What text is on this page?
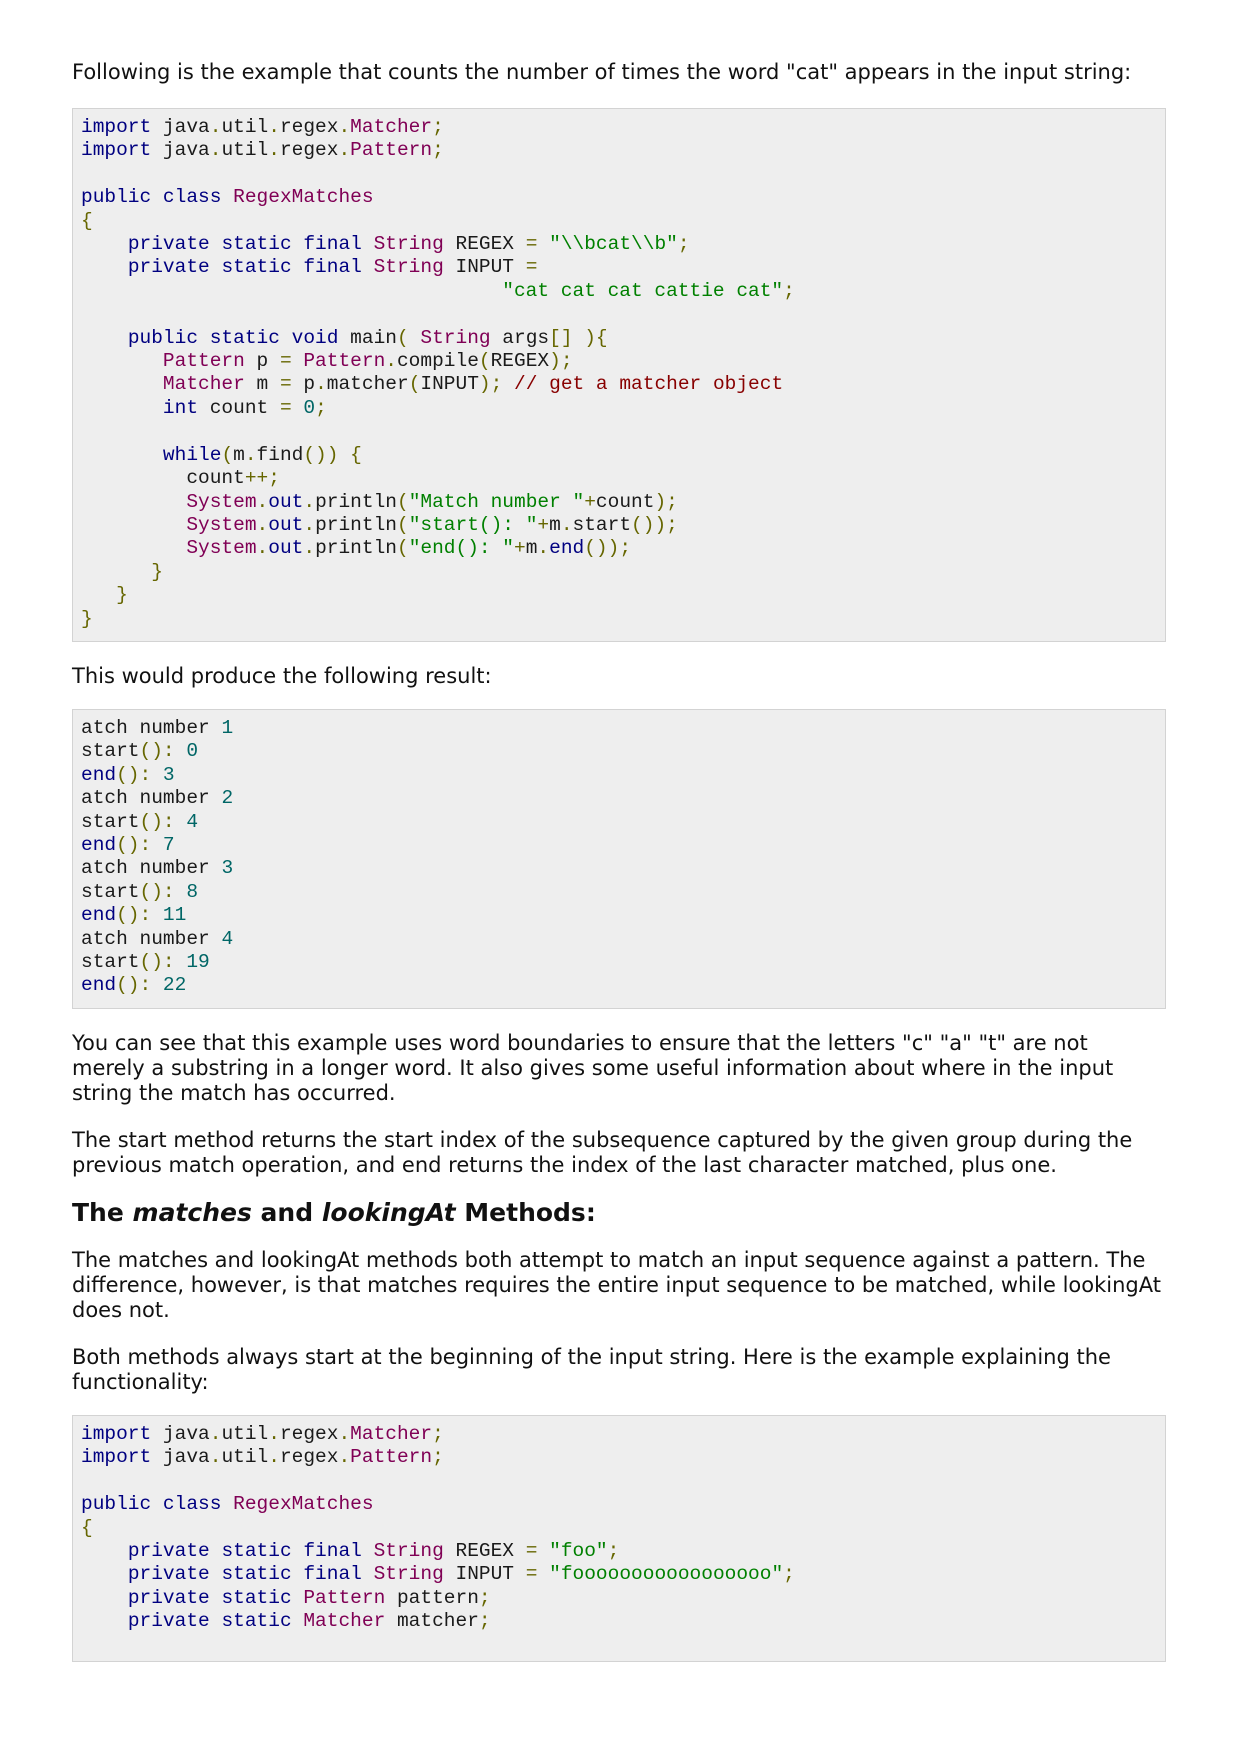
Following is the example that counts the number of times the word "cat" appears in the input string:

import java.util.regex.Matcher;
import java.util.regex.Pattern;

public class RegexMatches
{
private static final String REGEX = "\\bcat\\b";
private static final String INPUT =
"cat cat cat cattie cat";

public static void main( String args[] ){
Pattern p = Pattern.compile(REGEX);
Matcher m = p.matcher(INPUT); // get a matcher object
int count = 0;

while(m.find()) {
count++;
System.out.println("Match number "+count);
System.out.println("start(): "+m.start());
System.out.println("end(): "+m.end());
}
}
}

This would produce the following result:

atch number 1
start(): 0
end(): 3
atch number 2
start(): 4
end(): 7
atch number 3
start(): 8
end(): 11
atch number 4
start(): 19
end(): 22

You can see that this example uses word boundaries to ensure that the letters "c" "a" "t" are not merely a substring in a longer word. It also gives some useful information about where in the input string the match has occurred.

The start method returns the start index of the subsequence captured by the given group during the previous match operation, and end returns the index of the last character matched, plus one.

The matches and lookingAt Methods:

The matches and lookingAt methods both attempt to match an input sequence against a pattern. The difference, however, is that matches requires the entire input sequence to be matched, while lookingAt does not.

Both methods always start at the beginning of the input string. Here is the example explaining the functionality:

import java.util.regex.Matcher;
import java.util.regex.Pattern;

public class RegexMatches
{
private static final String REGEX = "foo";
private static final String INPUT = "fooooooooooooooooo";
private static Pattern pattern;
private static Matcher matcher;
